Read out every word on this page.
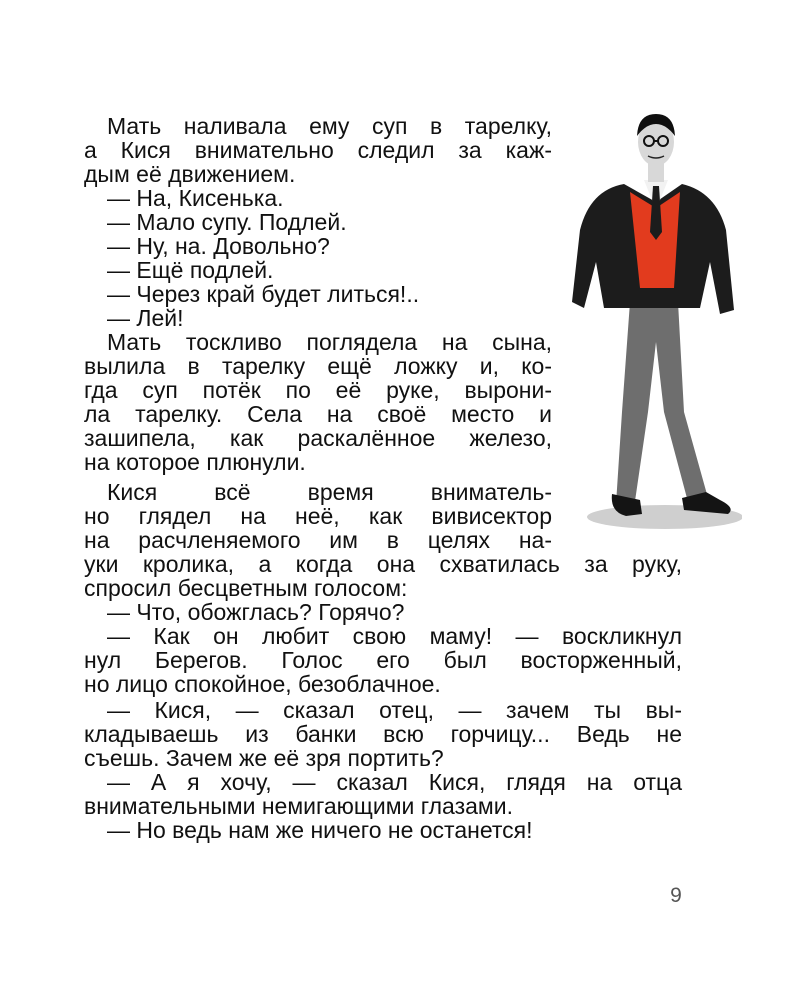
Мать наливала ему суп в тарелку,
а Кися внимательно следил за каж-
дым её движением.
— На, Кисенька.
— Мало супу. Подлей.
— Ну, на. Довольно?
— Ещё подлей.
— Через край будет литься!..
— Лей!
Мать тоскливо поглядела на сына,
вылила в тарелку ещё ложку и, ко-
гда суп потёк по её руке, вырони-
ла тарелку. Села на своё место и
зашипела, как раскалённое железо,
на которое плюнули.
Кися всё время вниматель-
но глядел на неё, как вивисектор
на расчленяемого им в целях на-
уки кролика, а когда она схватилась за руку,
спросил бесцветным голосом:
— Что, обожглась? Горячо?
— Как он любит свою маму! — воскликнул
нул Берегов. Голос его был восторженный,
но лицо спокойное, безоблачное.
— Кися, — сказал отец, — зачем ты вы-
кладываешь из банки всю горчицу... Ведь не
съешь. Зачем же её зря портить?
— А я хочу, — сказал Кися, глядя на отца
внимательными немигающими глазами.
— Но ведь нам же ничего не останется!
9
